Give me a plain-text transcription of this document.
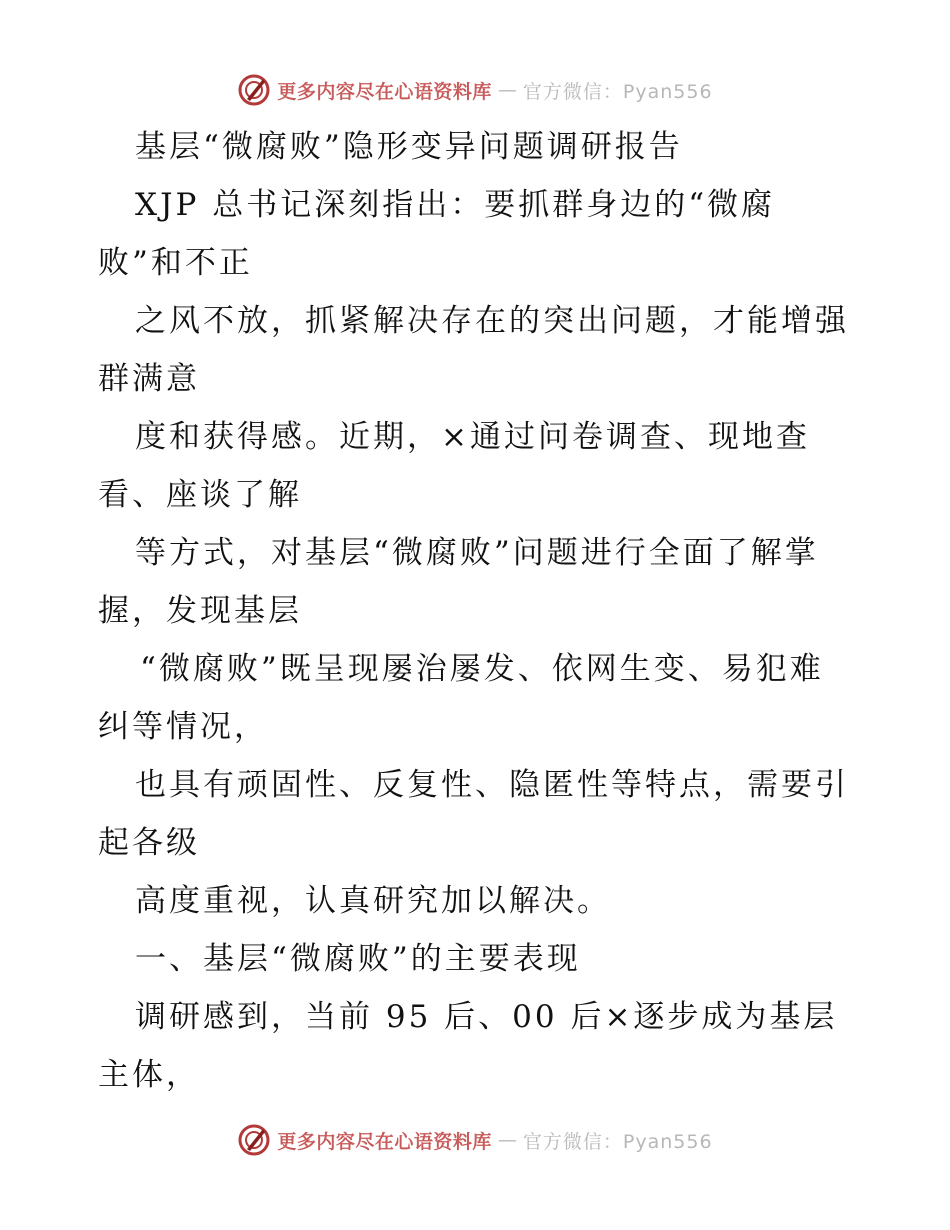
更多内容尽在心语资料库 — 官方微信：Pyan556
基层“微腐败”隐形变异问题调研报告
XJP 总书记深刻指出：要抓群身边的“微腐
败”和不正
之风不放，抓紧解决存在的突出问题，才能增强
群满意
度和获得感。近期，×通过问卷调查、现地查
看、座谈了解
等方式，对基层“微腐败”问题进行全面了解掌
握，发现基层
“微腐败”既呈现屡治屡发、依网生变、易犯难
纠等情况，
也具有顽固性、反复性、隐匿性等特点，需要引
起各级
高度重视，认真研究加以解决。
一、基层“微腐败”的主要表现
调研感到，当前 95 后、00 后×逐步成为基层
主体，
更多内容尽在心语资料库 — 官方微信：Pyan556
